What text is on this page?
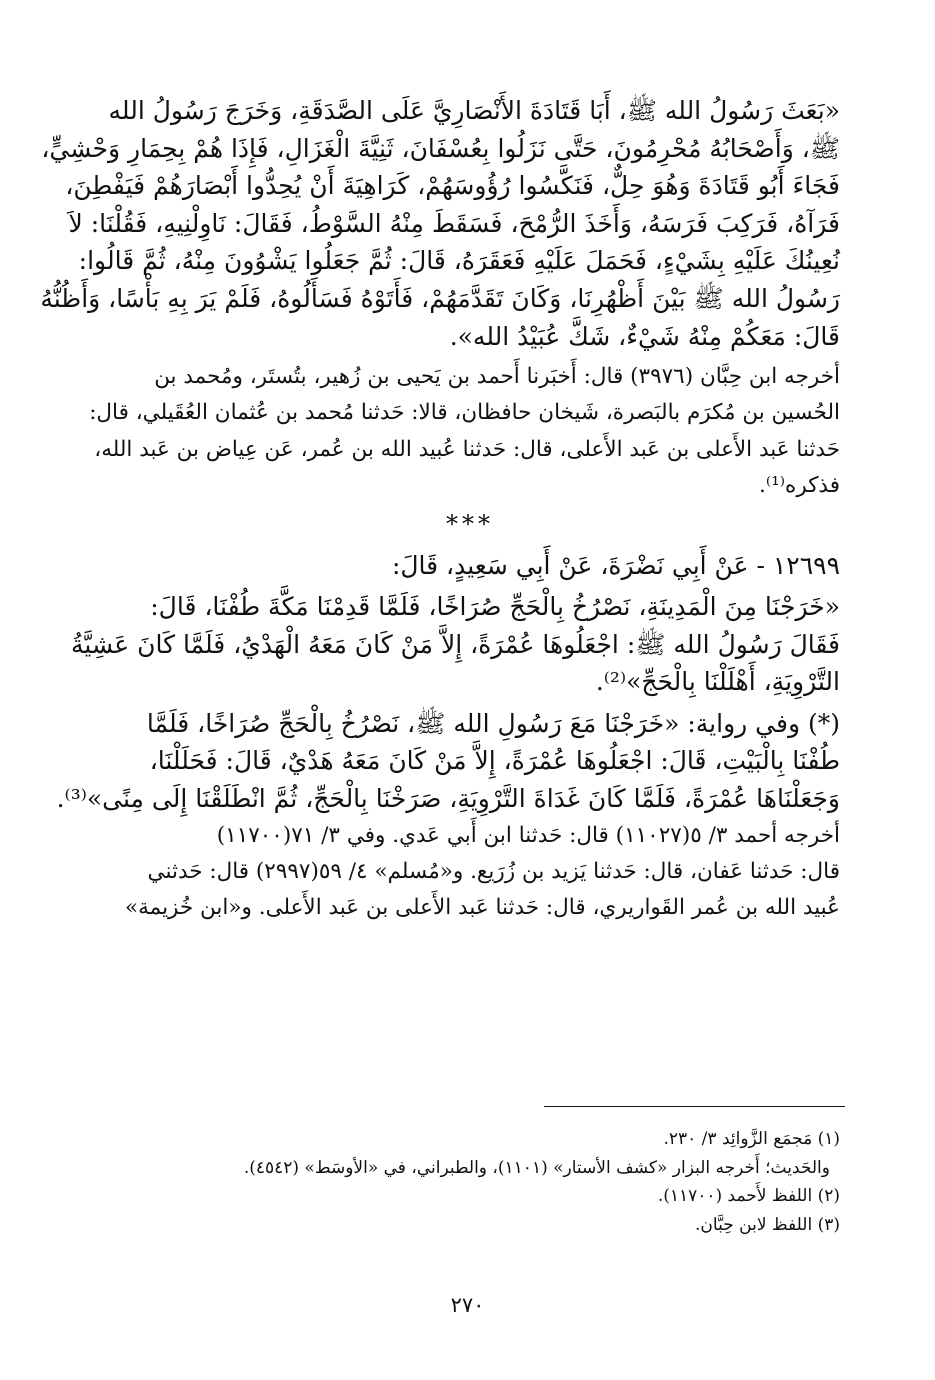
«بَعَثَ رَسُولُ الله ﷺ، أَبَا قَتَادَةَ الأَنْصَارِيَّ عَلَى الصَّدَقَةِ، وَخَرَجَ رَسُولُ الله
ﷺ، وَأَصْحَابُهُ مُحْرِمُونَ، حَتَّى نَزَلُوا بِعُسْفَانَ، ثَنِيَّةَ الْغَزَالِ، فَإِذَا هُمْ بِحِمَارِ وَحْشِيٍّ،
فَجَاءَ أَبُو قَتَادَةَ وَهُوَ حِلٌّ، فَنَكَّسُوا رُؤُوسَهُمْ، كَرَاهِيَةَ أَنْ يُحِدُّوا أَبْصَارَهُمْ فَيَفْطِنَ،
فَرَآهُ، فَرَكِبَ فَرَسَهُ، وَأَخَذَ الرُّمْحَ، فَسَقَطَ مِنْهُ السَّوْطُ، فَقَالَ: نَاوِلْنِيهِ، فَقُلْنَا: لاَ
نُعِينُكَ عَلَيْهِ بِشَيْءٍ، فَحَمَلَ عَلَيْهِ فَعَقَرَهُ، قَالَ: ثُمَّ جَعَلُوا يَشْوُونَ مِنْهُ، ثُمَّ قَالُوا:
رَسُولُ الله ﷺ بَيْنَ أَظْهُرِنَا، وَكَانَ تَقَدَّمَهُمْ، فَأَتَوْهُ فَسَأَلُوهُ، فَلَمْ يَرَ بِهِ بَأْسًا، وَأَظُنُّهُ
قَالَ: مَعَكُمْ مِنْهُ شَيْءٌ، شَكَّ عُبَيْدُ الله».
أخرجه ابن حِبَّان (٣٩٧٦) قال: أَخبَرنا أَحمد بن يَحيى بن زُهير، بتُستَر، ومُحمد بن
الحُسين بن مُكرَم بالبَصرة، شَيخان حافظان، قالا: حَدثنا مُحمد بن عُثمان العُقَيلي، قال:
حَدثنا عَبد الأَعلى بن عَبد الأَعلى، قال: حَدثنا عُبيد الله بن عُمر، عَن عِياض بن عَبد الله،
فذكره⁽¹⁾.
***
١٢٦٩٩ - عَنْ أَبِي نَضْرَةَ، عَنْ أَبِي سَعِيدٍ، قَالَ:
«خَرَجْنَا مِنَ الْمَدِينَةِ، نَصْرُخُ بِالْحَجِّ صُرَاخًا، فَلَمَّا قَدِمْنَا مَكَّةَ طُفْنَا، قَالَ:
فَقَالَ رَسُولُ الله ﷺ: اجْعَلُوهَا عُمْرَةً، إِلاَّ مَنْ كَانَ مَعَهُ الْهَدْيُ، فَلَمَّا كَانَ عَشِيَّةُ
التَّرْوِيَةِ، أَهْلَلْنَا بِالْحَجِّ»⁽²⁾.
(*) وفي رواية: «خَرَجْنَا مَعَ رَسُولِ الله ﷺ، نَصْرُخُ بِالْحَجِّ صُرَاخًا، فَلَمَّا
طُفْنَا بِالْبَيْتِ، قَالَ: اجْعَلُوهَا عُمْرَةً، إِلاَّ مَنْ كَانَ مَعَهُ هَدْيٌ، قَالَ: فَحَلَلْنَا،
وَجَعَلْنَاهَا عُمْرَةً، فَلَمَّا كَانَ غَدَاةَ التَّرْوِيَةِ، صَرَخْنَا بِالْحَجِّ، ثُمَّ انْطَلَقْنَا إِلَى مِنًى»⁽³⁾.
أخرجه أحمد ٣/ ٥(١١٠٢٧) قال: حَدثنا ابن أَبي عَدي. وفي ٣/ ٧١(١١٧٠٠)
قال: حَدثنا عَفان، قال: حَدثنا يَزيد بن زُرَيع. و«مُسلم» ٤/ ٥٩(٢٩٩٧) قال: حَدثني
عُبيد الله بن عُمر القَواريري، قال: حَدثنا عَبد الأَعلى بن عَبد الأَعلى. و«ابن خُزيمة»
(١) مَجمَع الزَّوائِد ٣/ ٢٣٠.
والحَديث؛ أَخرجه البزار «كشف الأستار» (١١٠١)، والطبراني، في «الأوسَط» (٤٥٤٢).
(٢) اللفظ لأَحمد (١١٧٠٠).
(٣) اللفظ لابن حِبَّان.
٢٧٠
